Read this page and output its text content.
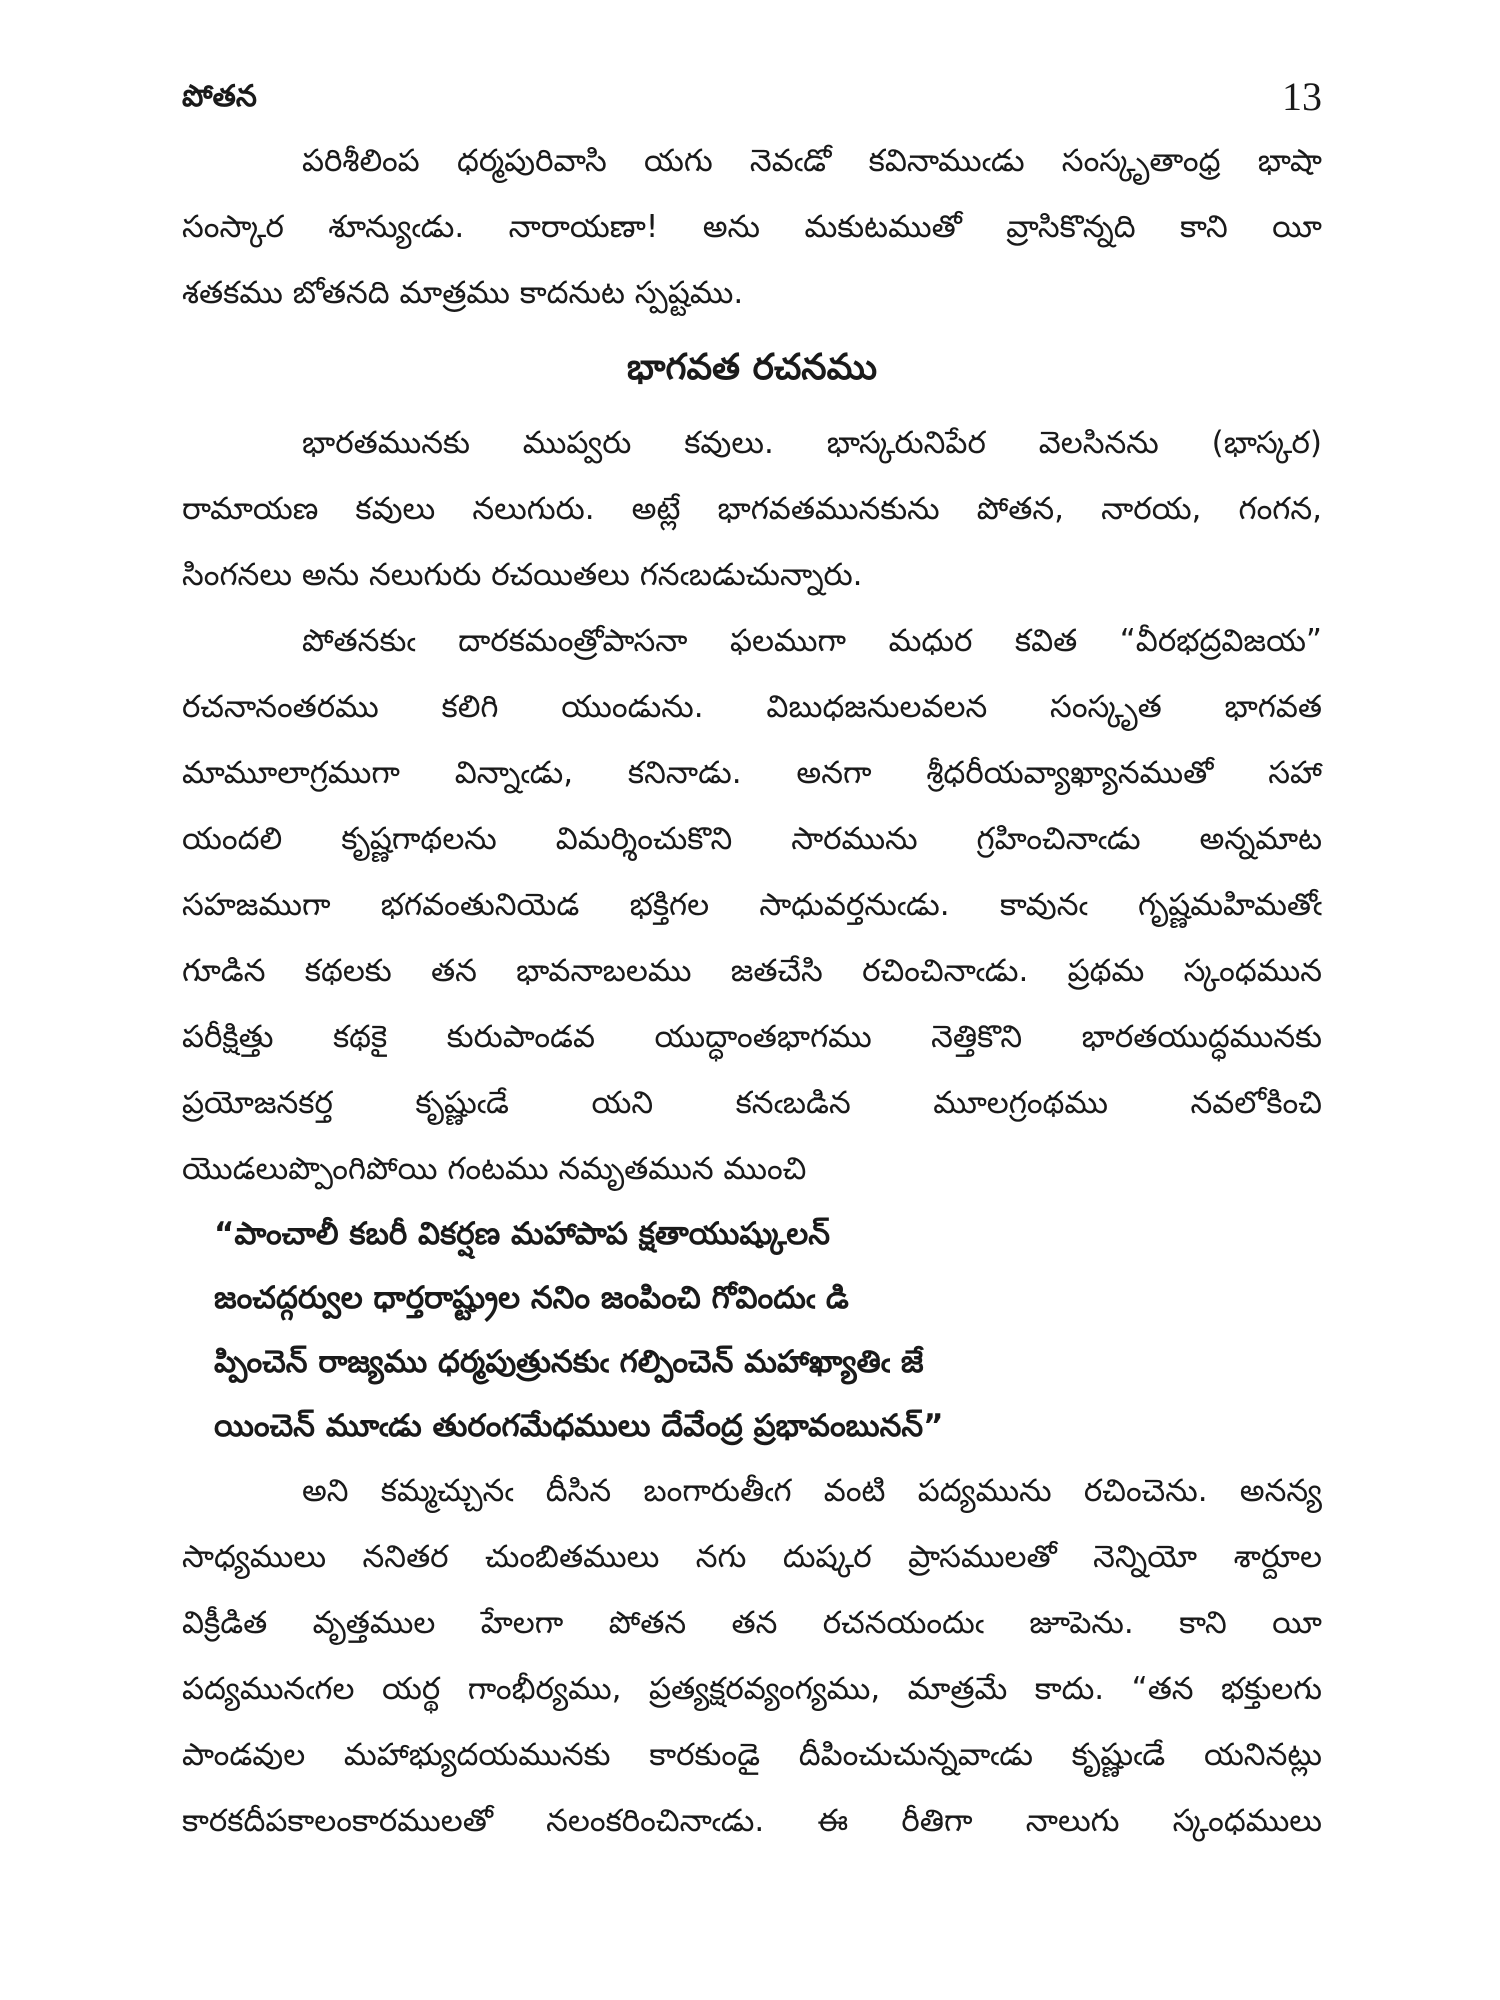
పోతన	13

పరిశీలింప ధర్మపురివాసి యగు నెవఁడో కవినాముఁడు సంస్కృతాంధ్ర భాషా
సంస్కార శూన్యుఁడు. నారాయణా! అను మకుటముతో వ్రాసికొన్నది కాని యీ
శతకము బోతనది మాత్రము కాదనుట స్పష్టము.

భాగవత రచనము

భారతమునకు ముప్వరు కవులు. భాస్కరునిపేర వెలసినను (భాస్కర)
రామాయణ కవులు నలుగురు. అట్లే భాగవతమునకును పోతన, నారయ, గంగన,
సింగనలు అను నలుగురు రచయితలు గనఁబడుచున్నారు.

పోతనకుఁ దారకమంత్రోపాసనా ఫలముగా మధుర కవిత “వీరభద్రవిజయ”
రచనానంతరము కలిగి యుండును. విబుధజనులవలన సంస్కృత భాగవత
మామూలాగ్రముగా విన్నాఁడు, కనినాడు. అనగా శ్రీధరీయవ్యాఖ్యానముతో సహా
యందలి కృష్ణగాథలను విమర్శించుకొని సారమును గ్రహించినాఁడు అన్నమాట
సహజముగా భగవంతునియెడ భక్తిగల సాధువర్తనుఁడు. కావునఁ గృష్ణమహిమతోఁ
గూడిన కథలకు తన భావనాబలము జతచేసి రచించినాఁడు. ప్రథమ స్కంధమున
పరీక్షిత్తు కథకై కురుపాండవ యుద్ధాంతభాగము నెత్తికొని భారతయుద్ధమునకు
ప్రయోజనకర్త కృష్ణుఁడే యని కనఁబడిన మూలగ్రంథము నవలోకించి
యొడలుప్పొంగిపోయి గంటము నమృతమున ముంచి

“పాంచాలీ కబరీ వికర్షణ మహాపాప క్షతాయుష్కులన్
జంచద్గర్వుల ధార్తరాష్ట్రుల ననిం జంపించి గోవిందుఁ డి
ప్పించెన్ రాజ్యము ధర్మపుత్రునకుఁ గల్పించెన్ మహాఖ్యాతిఁ జే
యించెన్ మూఁడు తురంగమేధములు దేవేంద్ర ప్రభావంబునన్”

అని కమ్మచ్చునఁ దీసిన బంగారుతీఁగ వంటి పద్యమును రచించెను. అనన్య
సాధ్యములు ననితర చుంబితములు నగు దుష్కర ప్రాసములతో నెన్నియో శార్దూల
విక్రీడిత వృత్తముల హేలగా పోతన తన రచనయందుఁ జూపెను. కాని యీ
పద్యమునఁగల యర్థ గాంభీర్యము, ప్రత్యక్షరవ్యంగ్యము, మాత్రమే కాదు. “తన భక్తులగు
పాండవుల మహాభ్యుదయమునకు కారకుండై దీపించుచున్నవాఁడు కృష్ణుఁడే యనినట్లు
కారకదీపకాలంకారములతో నలంకరించినాఁడు. ఈ రీతిగా నాలుగు స్కంధములు
